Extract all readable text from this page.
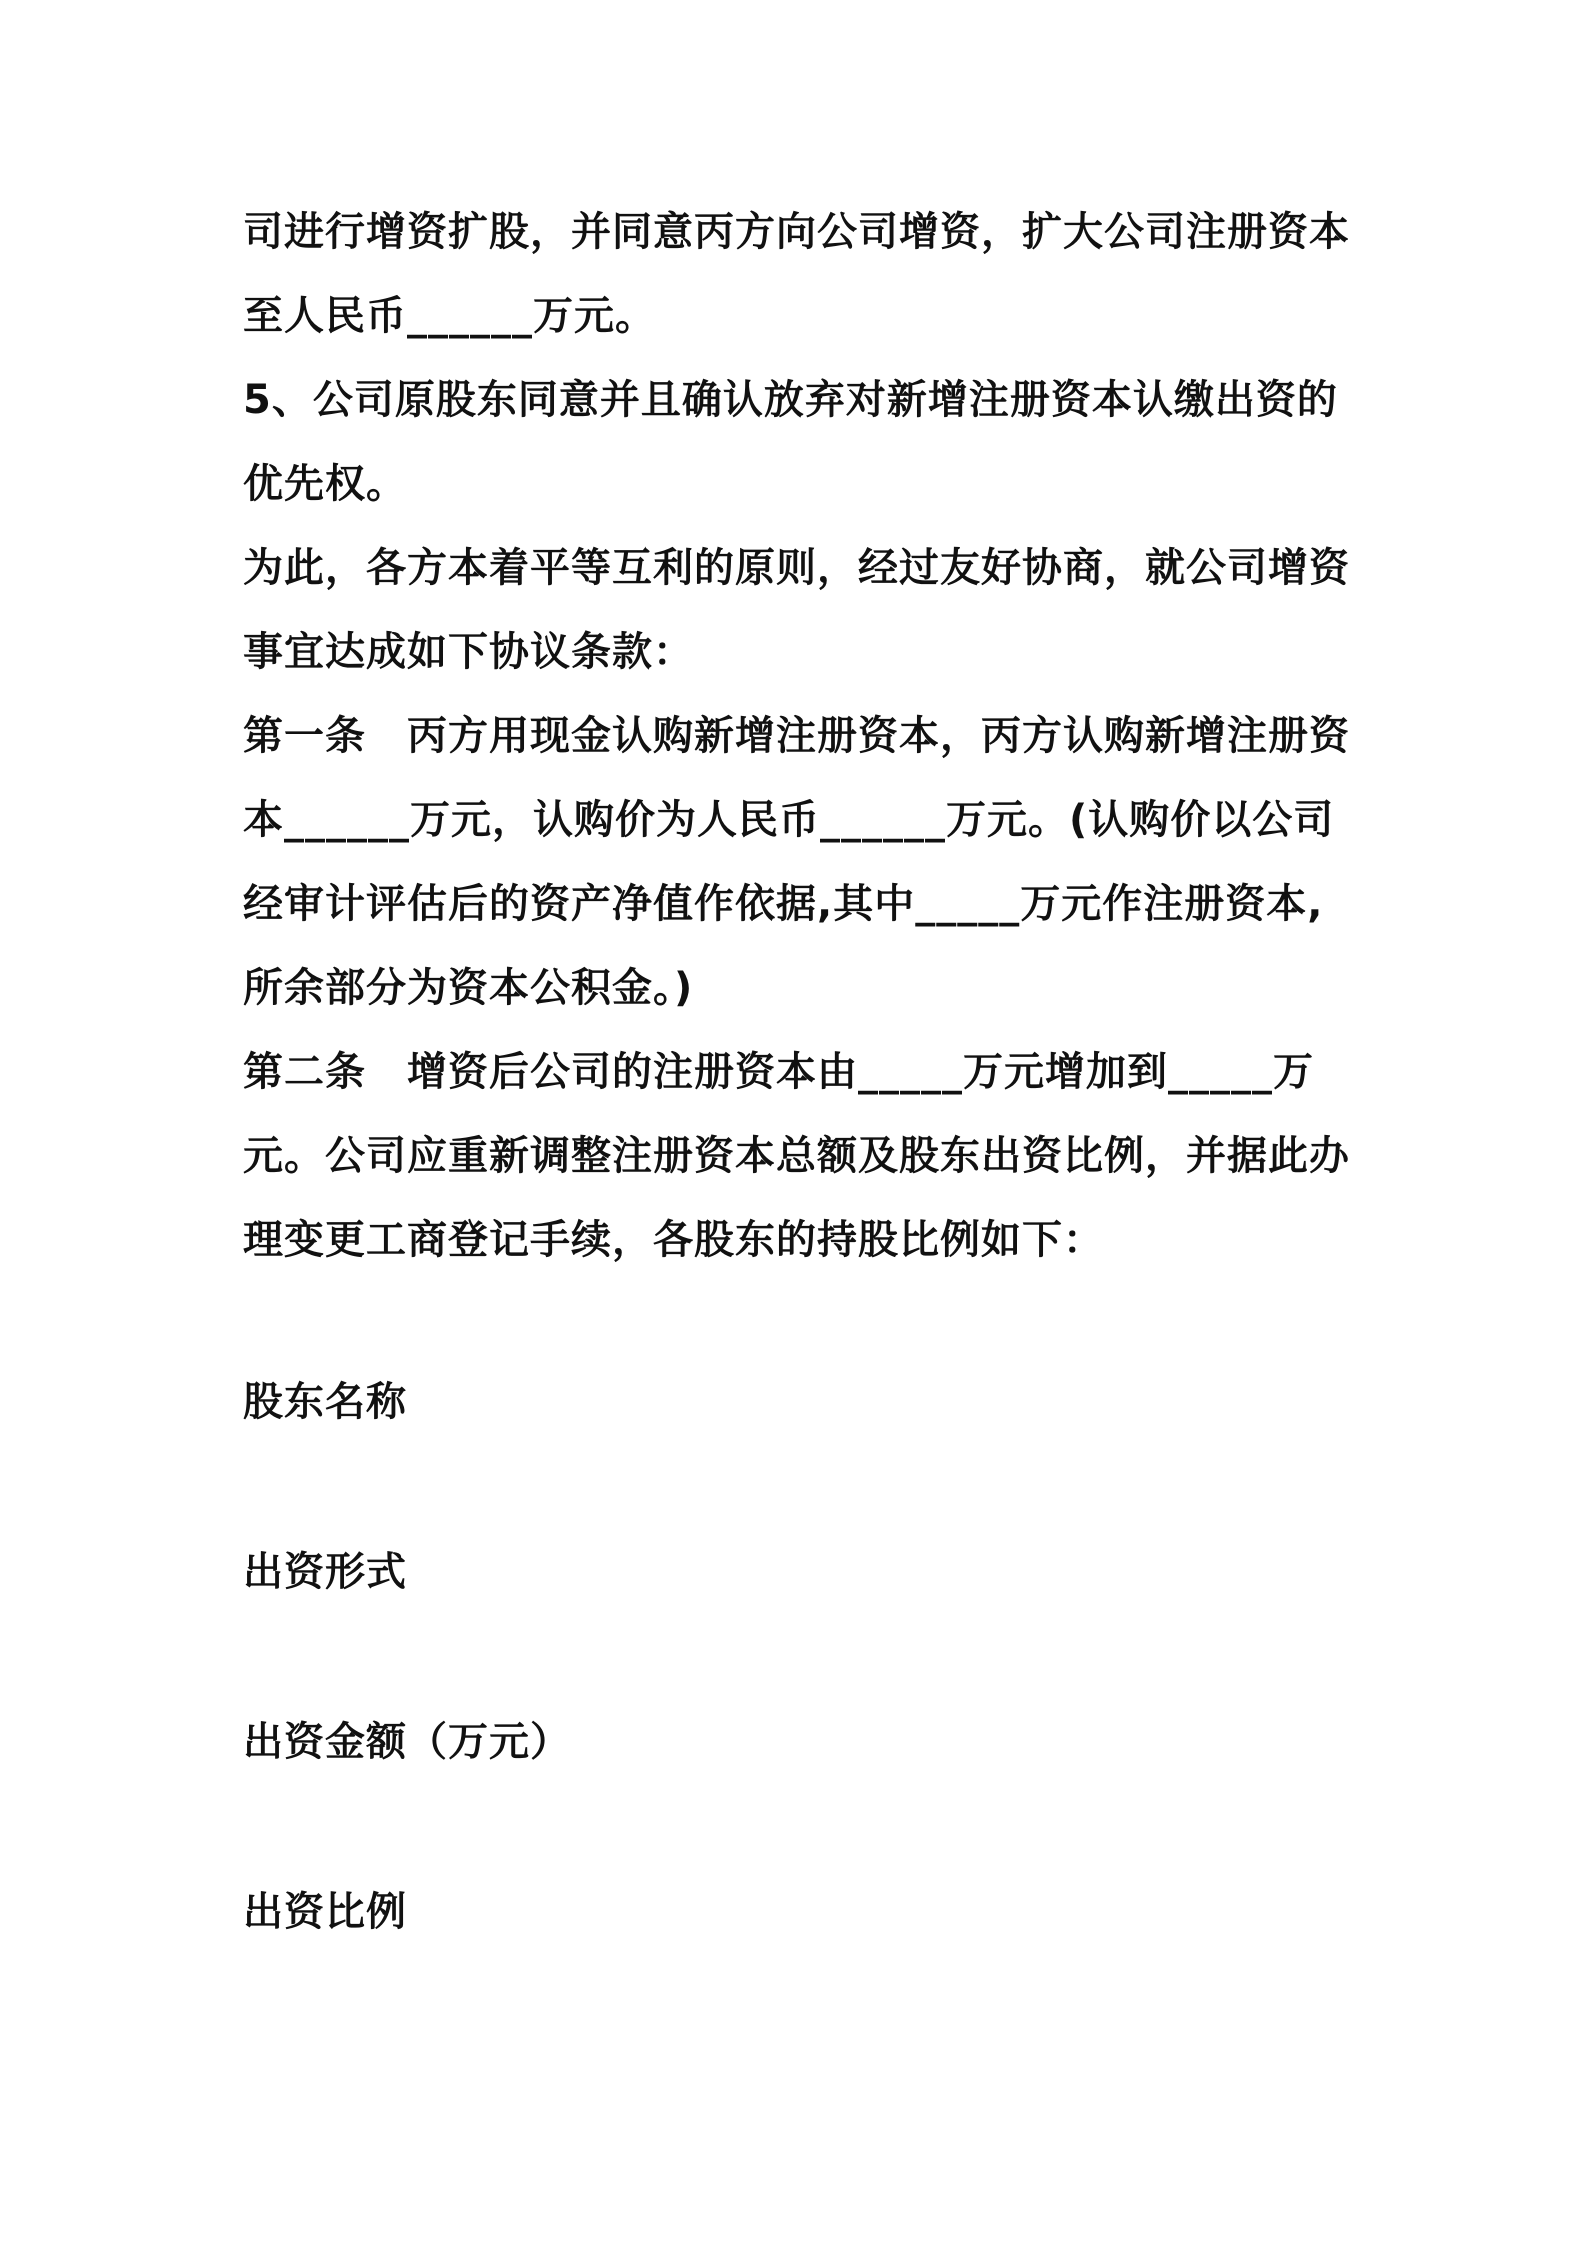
司进行增资扩股，并同意丙方向公司增资，扩大公司注册资本至人民币______万元。

5、公司原股东同意并且确认放弃对新增注册资本认缴出资的优先权。

为此，各方本着平等互利的原则，经过友好协商，就公司增资事宜达成如下协议条款：

第一条　丙方用现金认购新增注册资本，丙方认购新增注册资本______万元，认购价为人民币______万元。(认购价以公司经审计评估后的资产净值作依据,其中_____万元作注册资本,所余部分为资本公积金。)

第二条　增资后公司的注册资本由_____万元增加到_____万元。公司应重新调整注册资本总额及股东出资比例，并据此办理变更工商登记手续，各股东的持股比例如下：

股东名称

出资形式

出资金额（万元）

出资比例
